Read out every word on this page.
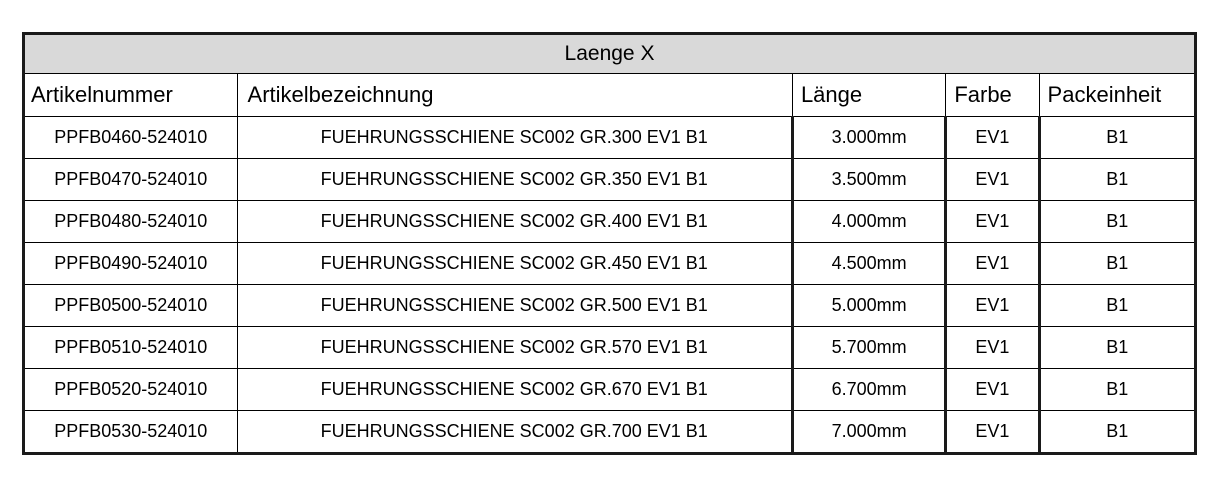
Laenge X				
Artikelnummer	Artikelbezeichnung	Länge	Farbe	Packeinheit
PPFB0460-524010	FUEHRUNGSSCHIENE SC002 GR.300 EV1 B1	3.000mm	EV1	B1
PPFB0470-524010	FUEHRUNGSSCHIENE SC002 GR.350 EV1 B1	3.500mm	EV1	B1
PPFB0480-524010	FUEHRUNGSSCHIENE SC002 GR.400 EV1 B1	4.000mm	EV1	B1
PPFB0490-524010	FUEHRUNGSSCHIENE SC002 GR.450 EV1 B1	4.500mm	EV1	B1
PPFB0500-524010	FUEHRUNGSSCHIENE SC002 GR.500 EV1 B1	5.000mm	EV1	B1
PPFB0510-524010	FUEHRUNGSSCHIENE SC002 GR.570 EV1 B1	5.700mm	EV1	B1
PPFB0520-524010	FUEHRUNGSSCHIENE SC002 GR.670 EV1 B1	6.700mm	EV1	B1
PPFB0530-524010	FUEHRUNGSSCHIENE SC002 GR.700 EV1 B1	7.000mm	EV1	B1
